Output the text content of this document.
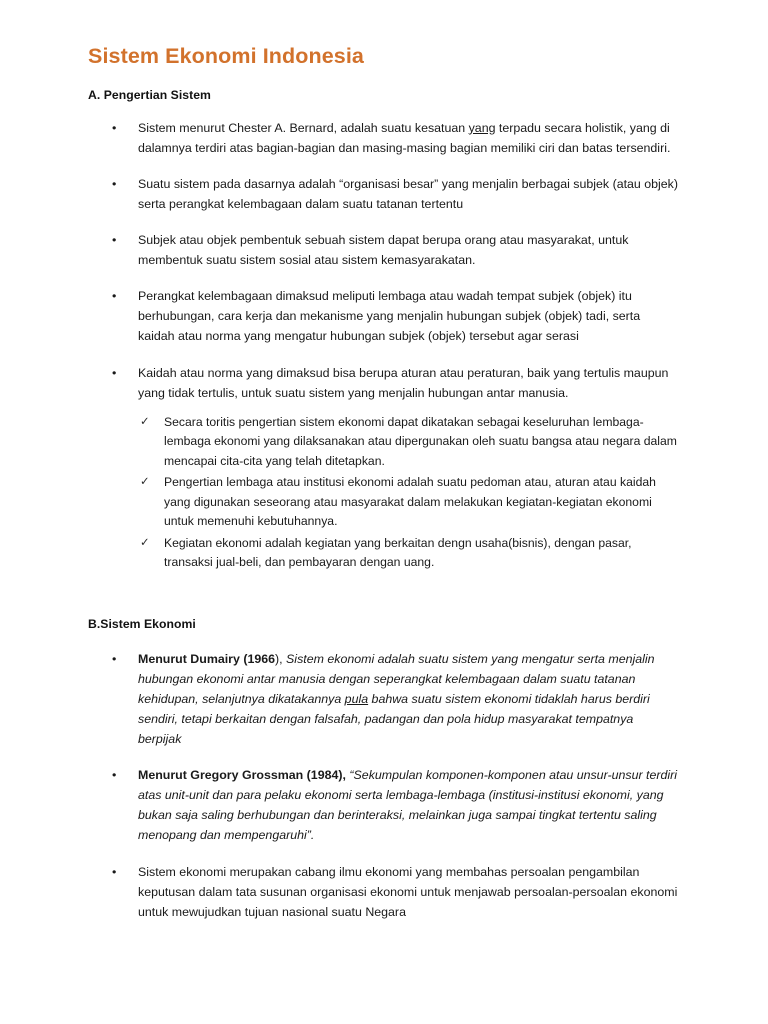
Sistem Ekonomi Indonesia
A. Pengertian Sistem
• Sistem menurut Chester A. Bernard, adalah suatu kesatuan yang terpadu secara holistik, yang di dalamnya terdiri atas bagian-bagian dan masing-masing bagian memiliki ciri dan batas tersendiri.
• Suatu sistem pada dasarnya adalah “organisasi besar” yang menjalin berbagai subjek (atau objek) serta perangkat kelembagaan dalam suatu tatanan tertentu
• Subjek atau objek pembentuk sebuah sistem dapat berupa orang atau masyarakat, untuk membentuk suatu sistem sosial atau sistem kemasyarakatan.
• Perangkat kelembagaan dimaksud meliputi lembaga atau wadah tempat subjek (objek) itu berhubungan, cara kerja dan mekanisme yang menjalin hubungan subjek (objek) tadi, serta kaidah atau norma yang mengatur hubungan subjek (objek) tersebut agar serasi
• Kaidah atau norma yang dimaksud bisa berupa aturan atau peraturan, baik yang tertulis maupun yang tidak tertulis, untuk suatu sistem yang menjalin hubungan antar manusia.
✓ Secara toritis pengertian sistem ekonomi dapat dikatakan sebagai keseluruhan lembaga-lembaga ekonomi yang dilaksanakan atau dipergunakan oleh suatu bangsa atau negara dalam mencapai cita-cita yang telah ditetapkan.
✓ Pengertian lembaga atau institusi ekonomi adalah suatu pedoman atau, aturan atau kaidah yang digunakan seseorang atau masyarakat dalam melakukan kegiatan-kegiatan ekonomi untuk memenuhi kebutuhannya.
✓ Kegiatan ekonomi adalah kegiatan yang berkaitan dengn usaha(bisnis), dengan pasar, transaksi jual-beli, dan pembayaran dengan uang.
B.Sistem Ekonomi
• Menurut Dumairy (1966), Sistem ekonomi adalah suatu sistem yang mengatur serta menjalin hubungan ekonomi antar manusia dengan seperangkat kelembagaan dalam suatu tatanan kehidupan, selanjutnya dikatakannya pula bahwa suatu sistem ekonomi tidaklah harus berdiri sendiri, tetapi berkaitan dengan falsafah, padangan dan pola hidup masyarakat tempatnya berpijak
• Menurut Gregory Grossman (1984), “Sekumpulan komponen-komponen atau unsur-unsur terdiri atas unit-unit dan para pelaku ekonomi serta lembaga-lembaga (institusi-institusi ekonomi, yang bukan saja saling berhubungan dan berinteraksi, melainkan juga sampai tingkat tertentu saling menopang dan mempengaruhi”.
• Sistem ekonomi merupakan cabang ilmu ekonomi yang membahas persoalan pengambilan keputusan dalam tata susunan organisasi ekonomi untuk menjawab persoalan-persoalan ekonomi untuk mewujudkan tujuan nasional suatu Negara
